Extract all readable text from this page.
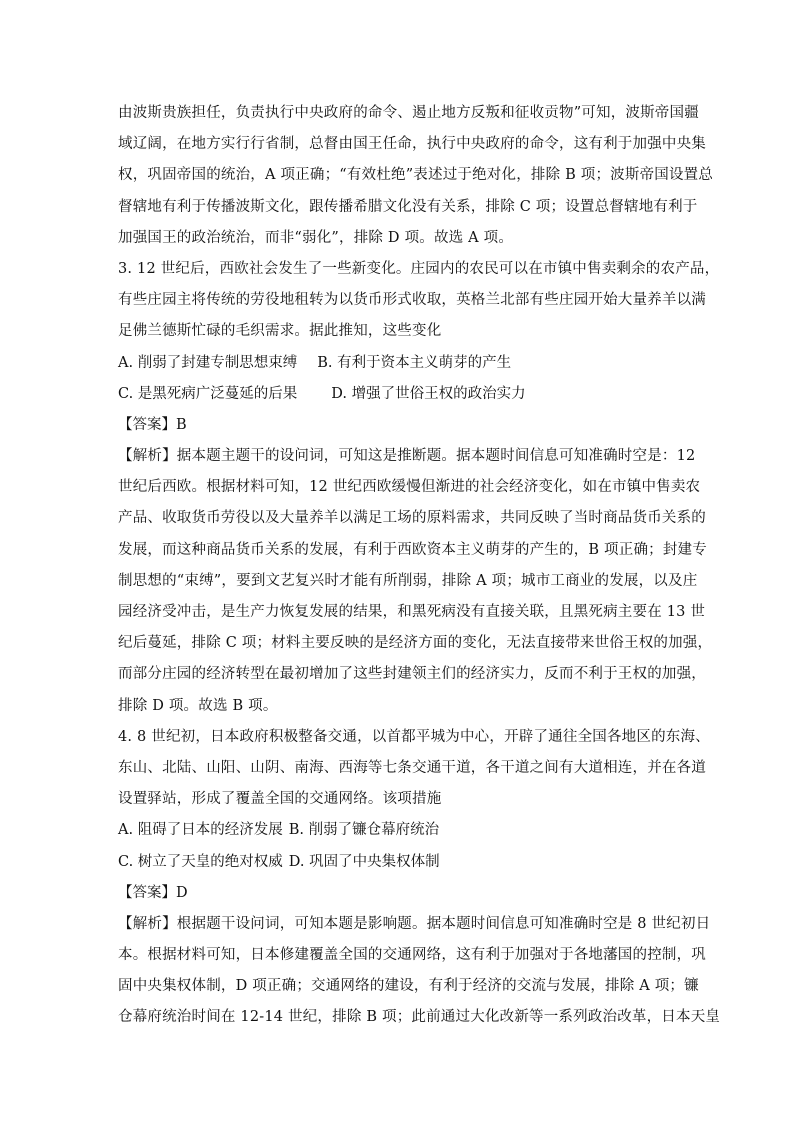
由波斯贵族担任，负责执行中央政府的命令、遏止地方反叛和征收贡物”可知，波斯帝国疆
域辽阔，在地方实行行省制，总督由国王任命，执行中央政府的命令，这有利于加强中央集
权，巩固帝国的统治，A 项正确；“有效杜绝”表述过于绝对化，排除 B 项；波斯帝国设置总
督辖地有利于传播波斯文化，跟传播希腊文化没有关系，排除 C 项；设置总督辖地有利于
加强国王的政治统治，而非“弱化”，排除 D 项。故选 A 项。
3. 12 世纪后，西欧社会发生了一些新变化。庄园内的农民可以在市镇中售卖剩余的农产品，
有些庄园主将传统的劳役地租转为以货币形式收取，英格兰北部有些庄园开始大量养羊以满
足佛兰德斯忙碌的毛织需求。据此推知，这些变化
A. 削弱了封建专制思想束缚 B. 有利于资本主义萌芽的产生
C. 是黑死病广泛蔓延的后果 D. 增强了世俗王权的政治实力
【答案】B
【解析】据本题主题干的设问词，可知这是推断题。据本题时间信息可知准确时空是：12
世纪后西欧。根据材料可知，12 世纪西欧缓慢但渐进的社会经济变化，如在市镇中售卖农
产品、收取货币劳役以及大量养羊以满足工场的原料需求，共同反映了当时商品货币关系的
发展，而这种商品货币关系的发展，有利于西欧资本主义萌芽的产生的，B 项正确；封建专
制思想的“束缚”，要到文艺复兴时才能有所削弱，排除 A 项；城市工商业的发展，以及庄
园经济受冲击，是生产力恢复发展的结果，和黑死病没有直接关联，且黑死病主要在 13 世
纪后蔓延，排除 C 项；材料主要反映的是经济方面的变化，无法直接带来世俗王权的加强，
而部分庄园的经济转型在最初增加了这些封建领主们的经济实力，反而不利于王权的加强，
排除 D 项。故选 B 项。
4. 8 世纪初，日本政府积极整备交通，以首都平城为中心，开辟了通往全国各地区的东海、
东山、北陆、山阳、山阴、南海、西海等七条交通干道，各干道之间有大道相连，并在各道
设置驿站，形成了覆盖全国的交通网络。该项措施
A. 阻碍了日本的经济发展 B. 削弱了镰仓幕府统治
C. 树立了天皇的绝对权威 D. 巩固了中央集权体制
【答案】D
【解析】根据题干设问词，可知本题是影响题。据本题时间信息可知准确时空是 8 世纪初日
本。根据材料可知，日本修建覆盖全国的交通网络，这有利于加强对于各地藩国的控制，巩
固中央集权体制，D 项正确；交通网络的建设，有利于经济的交流与发展，排除 A 项；镰
仓幕府统治时间在 12-14 世纪，排除 B 项；此前通过大化改新等一系列政治改革，日本天皇
